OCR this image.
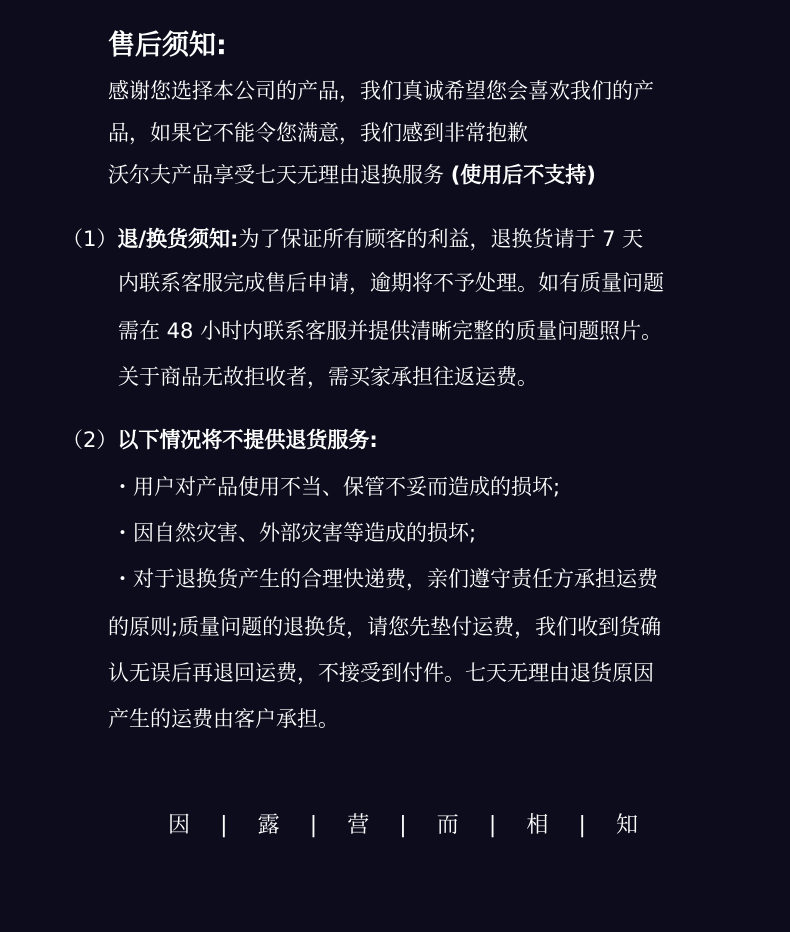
售后须知:
感谢您选择本公司的产品，我们真诚希望您会喜欢我们的产
品，如果它不能令您满意，我们感到非常抱歉
沃尔夫产品享受七天无理由退换服务 (使用后不支持)
（1）退/换货须知:为了保证所有顾客的利益，退换货请于 7 天
内联系客服完成售后申请，逾期将不予处理。如有质量问题
需在 48 小时内联系客服并提供清晰完整的质量问题照片。
关于商品无故拒收者，需买家承担往返运费。
（2）以下情况将不提供退货服务:
・用户对产品使用不当、保管不妥而造成的损坏;
・因自然灾害、外部灾害等造成的损坏;
・对于退换货产生的合理快递费，亲们遵守责任方承担运费
的原则;质量问题的退换货，请您先垫付运费，我们收到货确
认无误后再退回运费，不接受到付件。七天无理由退货原因
产生的运费由客户承担。
因 | 露 | 营 | 而 | 相 | 知
